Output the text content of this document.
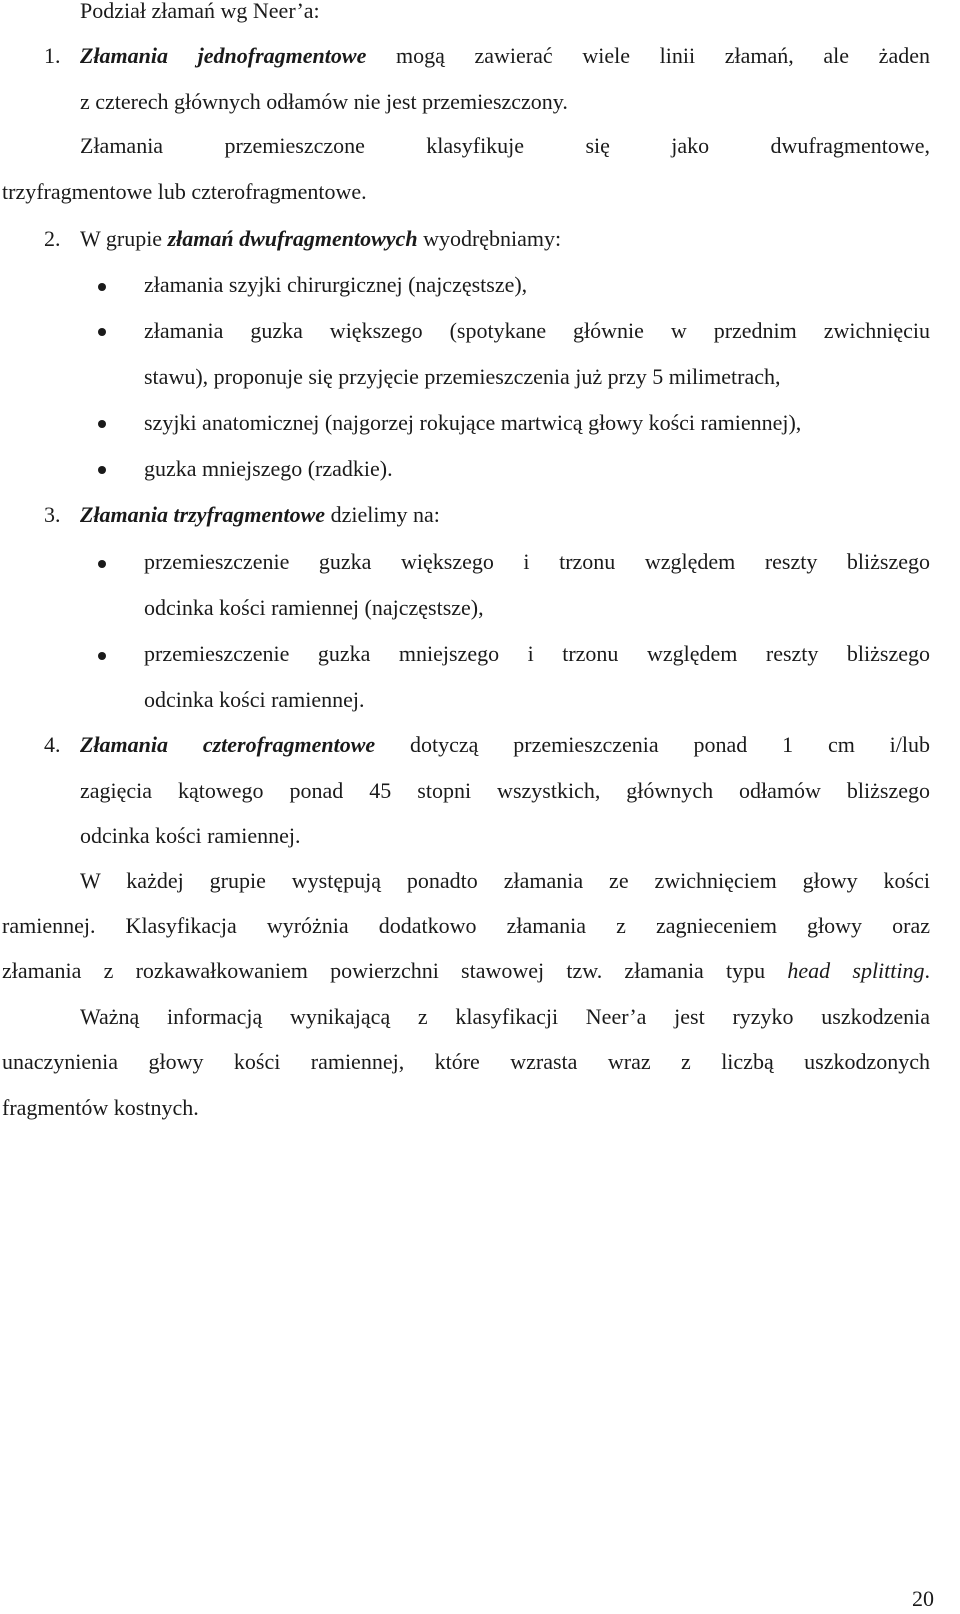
Podział złamań wg Neer’a:
1. Złamania jednofragmentowe mogą zawierać wiele linii złamań, ale żaden
z czterech głównych odłamów nie jest przemieszczony.
Złamania przemieszczone klasyfikuje się jako dwufragmentowe,
trzyfragmentowe lub czterofragmentowe.
2. W grupie złamań dwufragmentowych wyodrębniamy:
złamania szyjki chirurgicznej (najczęstsze),
złamania guzka większego (spotykane głównie w przednim zwichnięciu
stawu), proponuje się przyjęcie przemieszczenia już przy 5 milimetrach,
szyjki anatomicznej (najgorzej rokujące martwicą głowy kości ramiennej),
guzka mniejszego (rzadkie).
3. Złamania trzyfragmentowe dzielimy na:
przemieszczenie guzka większego i trzonu względem reszty bliższego
odcinka kości ramiennej (najczęstsze),
przemieszczenie guzka mniejszego i trzonu względem reszty bliższego
odcinka kości ramiennej.
4. Złamania czterofragmentowe dotyczą przemieszczenia ponad 1 cm i/lub
zagięcia kątowego ponad 45 stopni wszystkich, głównych odłamów bliższego
odcinka kości ramiennej.
W każdej grupie występują ponadto złamania ze zwichnięciem głowy kości
ramiennej. Klasyfikacja wyróżnia dodatkowo złamania z zagnieceniem głowy oraz
złamania z rozkawałkowaniem powierzchni stawowej tzw. złamania typu head splitting.
Ważną informacją wynikającą z klasyfikacji Neer’a jest ryzyko uszkodzenia
unaczynienia głowy kości ramiennej, które wzrasta wraz z liczbą uszkodzonych
fragmentów kostnych.
20
